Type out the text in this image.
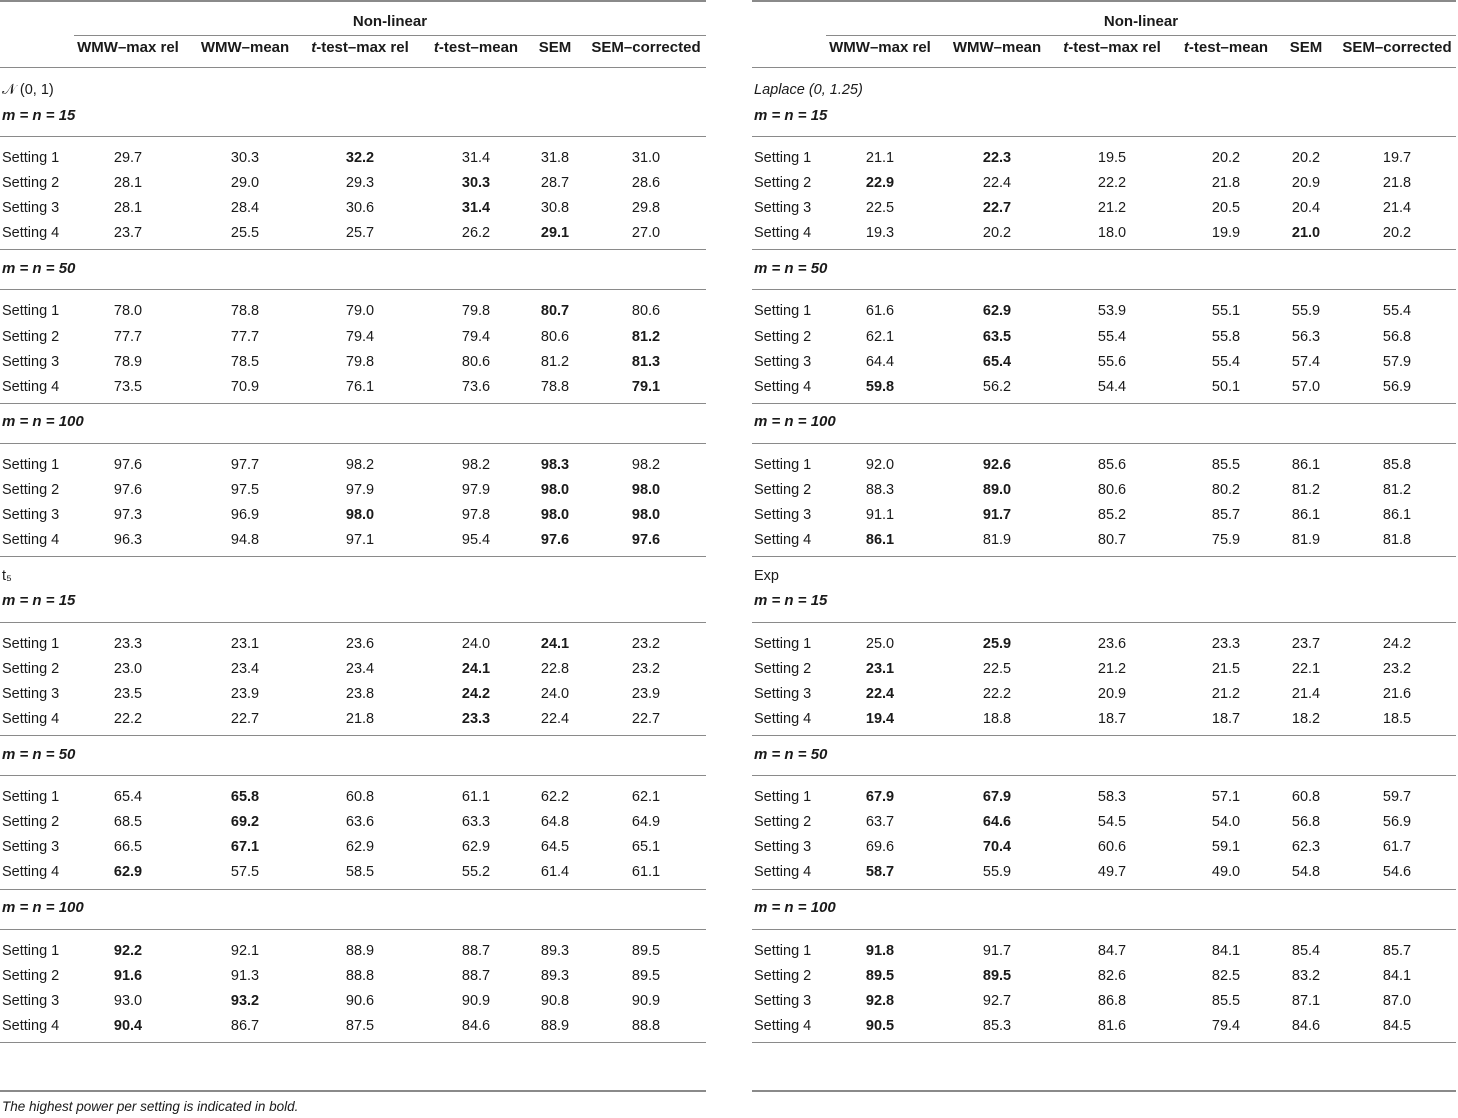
Non-linear
WMW–max rel	WMW–mean	t-test–max rel	t-test–mean	SEM	SEM–corrected
𝒩 (0, 1)
m = n = 15
Setting 1	29.7	30.3	32.2	31.4	31.8	31.0
Setting 2	28.1	29.0	29.3	30.3	28.7	28.6
Setting 3	28.1	28.4	30.6	31.4	30.8	29.8
Setting 4	23.7	25.5	25.7	26.2	29.1	27.0
m = n = 50
Setting 1	78.0	78.8	79.0	79.8	80.7	80.6
Setting 2	77.7	77.7	79.4	79.4	80.6	81.2
Setting 3	78.9	78.5	79.8	80.6	81.2	81.3
Setting 4	73.5	70.9	76.1	73.6	78.8	79.1
m = n = 100
Setting 1	97.6	97.7	98.2	98.2	98.3	98.2
Setting 2	97.6	97.5	97.9	97.9	98.0	98.0
Setting 3	97.3	96.9	98.0	97.8	98.0	98.0
Setting 4	96.3	94.8	97.1	95.4	97.6	97.6
t₅
m = n = 15
Setting 1	23.3	23.1	23.6	24.0	24.1	23.2
Setting 2	23.0	23.4	23.4	24.1	22.8	23.2
Setting 3	23.5	23.9	23.8	24.2	24.0	23.9
Setting 4	22.2	22.7	21.8	23.3	22.4	22.7
m = n = 50
Setting 1	65.4	65.8	60.8	61.1	62.2	62.1
Setting 2	68.5	69.2	63.6	63.3	64.8	64.9
Setting 3	66.5	67.1	62.9	62.9	64.5	65.1
Setting 4	62.9	57.5	58.5	55.2	61.4	61.1
m = n = 100
Setting 1	92.2	92.1	88.9	88.7	89.3	89.5
Setting 2	91.6	91.3	88.8	88.7	89.3	89.5
Setting 3	93.0	93.2	90.6	90.9	90.8	90.9
Setting 4	90.4	86.7	87.5	84.6	88.9	88.8
Non-linear
WMW–max rel	WMW–mean	t-test–max rel	t-test–mean	SEM	SEM–corrected
Laplace (0, 1.25)
m = n = 15
Setting 1	21.1	22.3	19.5	20.2	20.2	19.7
Setting 2	22.9	22.4	22.2	21.8	20.9	21.8
Setting 3	22.5	22.7	21.2	20.5	20.4	21.4
Setting 4	19.3	20.2	18.0	19.9	21.0	20.2
m = n = 50
Setting 1	61.6	62.9	53.9	55.1	55.9	55.4
Setting 2	62.1	63.5	55.4	55.8	56.3	56.8
Setting 3	64.4	65.4	55.6	55.4	57.4	57.9
Setting 4	59.8	56.2	54.4	50.1	57.0	56.9
m = n = 100
Setting 1	92.0	92.6	85.6	85.5	86.1	85.8
Setting 2	88.3	89.0	80.6	80.2	81.2	81.2
Setting 3	91.1	91.7	85.2	85.7	86.1	86.1
Setting 4	86.1	81.9	80.7	75.9	81.9	81.8
Exp
m = n = 15
Setting 1	25.0	25.9	23.6	23.3	23.7	24.2
Setting 2	23.1	22.5	21.2	21.5	22.1	23.2
Setting 3	22.4	22.2	20.9	21.2	21.4	21.6
Setting 4	19.4	18.8	18.7	18.7	18.2	18.5
m = n = 50
Setting 1	67.9	67.9	58.3	57.1	60.8	59.7
Setting 2	63.7	64.6	54.5	54.0	56.8	56.9
Setting 3	69.6	70.4	60.6	59.1	62.3	61.7
Setting 4	58.7	55.9	49.7	49.0	54.8	54.6
m = n = 100
Setting 1	91.8	91.7	84.7	84.1	85.4	85.7
Setting 2	89.5	89.5	82.6	82.5	83.2	84.1
Setting 3	92.8	92.7	86.8	85.5	87.1	87.0
Setting 4	90.5	85.3	81.6	79.4	84.6	84.5
The highest power per setting is indicated in bold.
